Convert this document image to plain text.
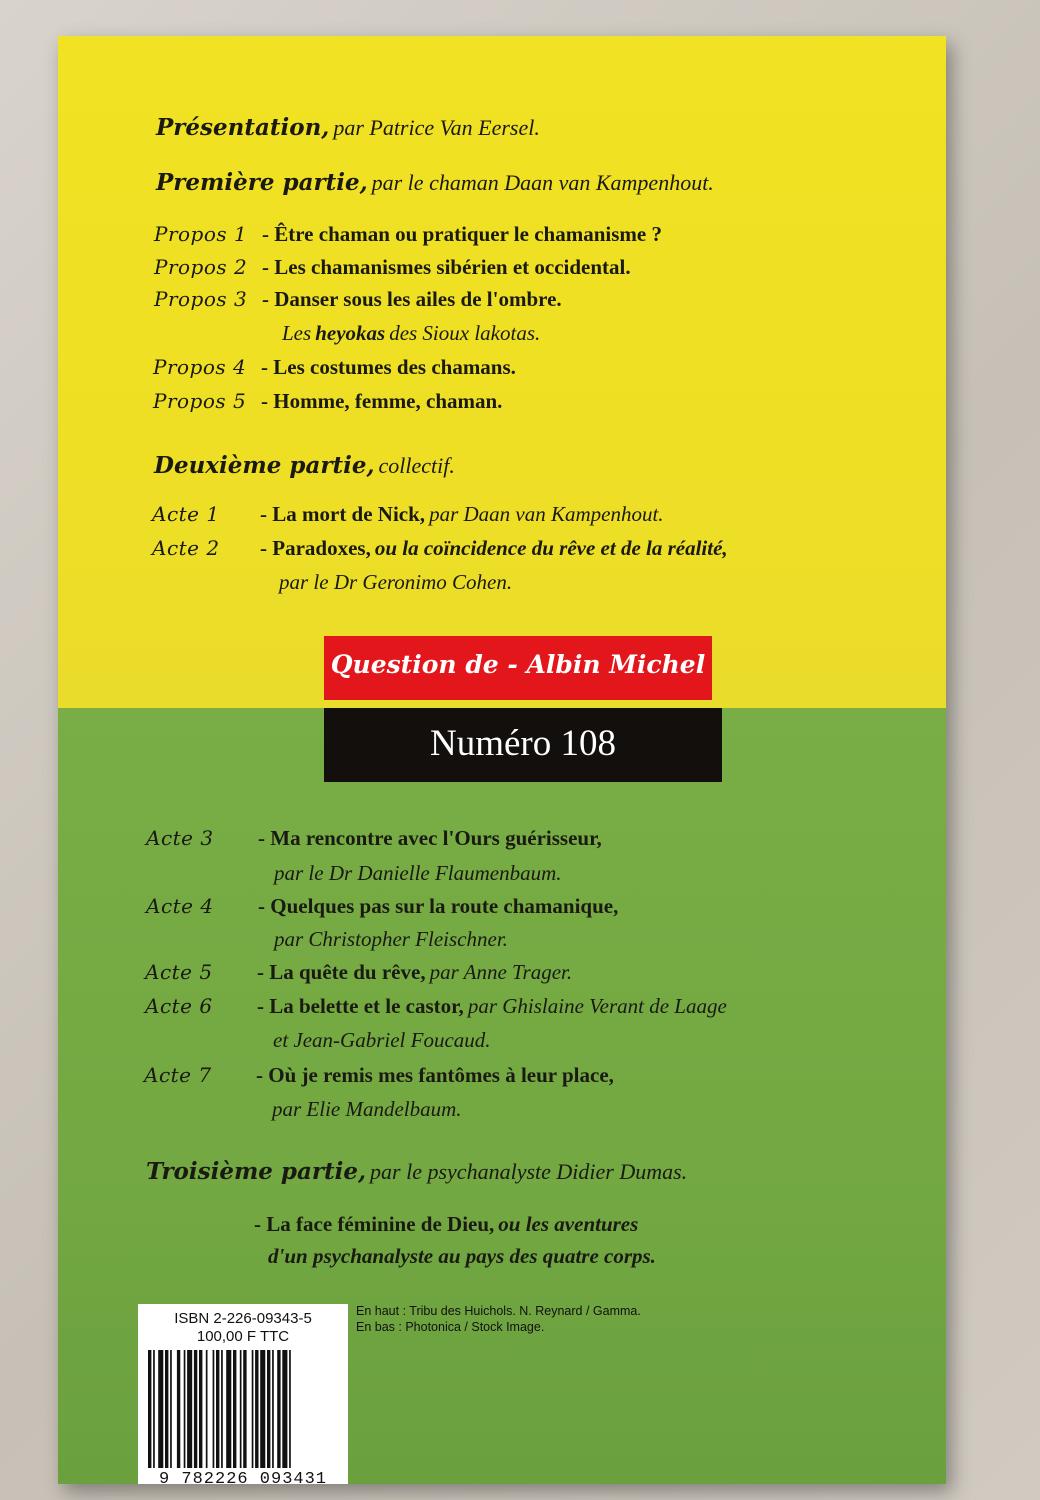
Présentation, par Patrice Van Eersel.
Première partie, par le chaman Daan van Kampenhout.
Propos 1 - Être chaman ou pratiquer le chamanisme ?
Propos 2 - Les chamanismes sibérien et occidental.
Propos 3 - Danser sous les ailes de l'ombre.
Les heyokas des Sioux lakotas.
Propos 4 - Les costumes des chamans.
Propos 5 - Homme, femme, chaman.
Deuxième partie, collectif.
Acte 1 - La mort de Nick, par Daan van Kampenhout.
Acte 2 - Paradoxes, ou la coïncidence du rêve et de la réalité,
par le Dr Geronimo Cohen.
Question de - Albin Michel
Numéro 108
Acte 3 - Ma rencontre avec l'Ours guérisseur,
par le Dr Danielle Flaumenbaum.
Acte 4 - Quelques pas sur la route chamanique,
par Christopher Fleischner.
Acte 5 - La quête du rêve, par Anne Trager.
Acte 6 - La belette et le castor, par Ghislaine Verant de Laage
et Jean-Gabriel Foucaud.
Acte 7 - Où je remis mes fantômes à leur place,
par Elie Mandelbaum.
Troisième partie, par le psychanalyste Didier Dumas.
- La face féminine de Dieu, ou les aventures
d'un psychanalyste au pays des quatre corps.
ISBN 2-226-09343-5
100,00 F TTC
9 782226 093431
En haut : Tribu des Huichols. N. Reynard / Gamma.
En bas : Photonica / Stock Image.
